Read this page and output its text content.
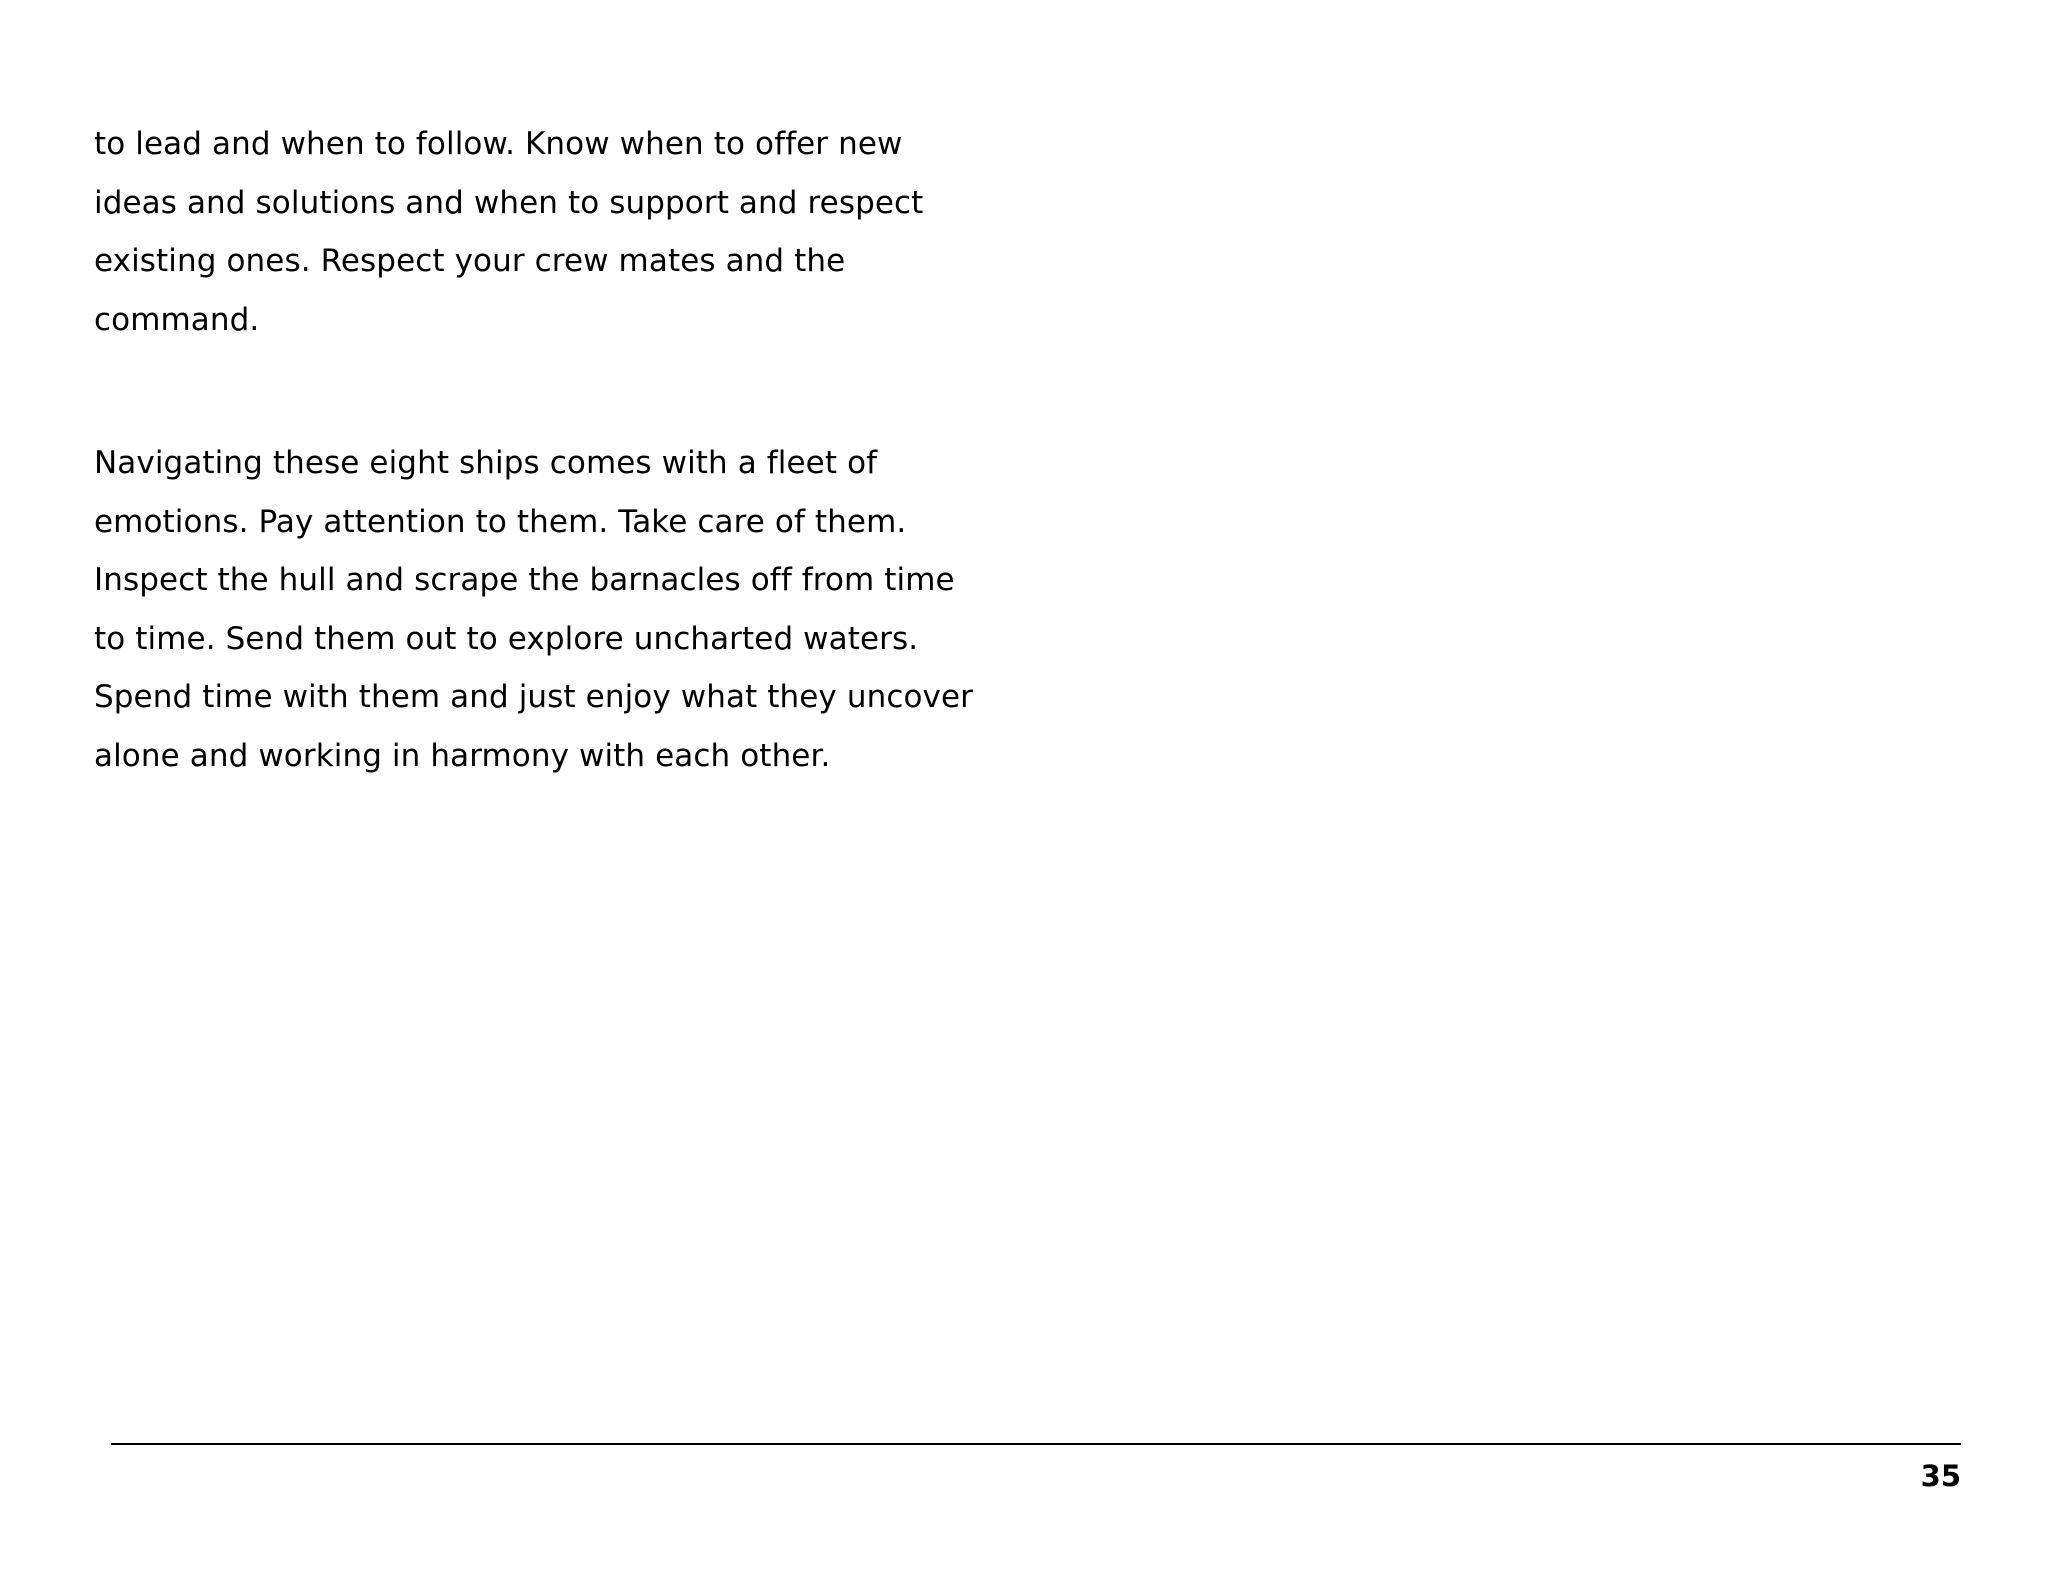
to lead and when to follow. Know when to offer new
ideas and solutions and when to support and respect
existing ones. Respect your crew mates and the
command.

Navigating these eight ships comes with a fleet of
emotions. Pay attention to them. Take care of them.
Inspect the hull and scrape the barnacles off from time
to time. Send them out to explore uncharted waters.
Spend time with them and just enjoy what they uncover
alone and working in harmony with each other.

35
